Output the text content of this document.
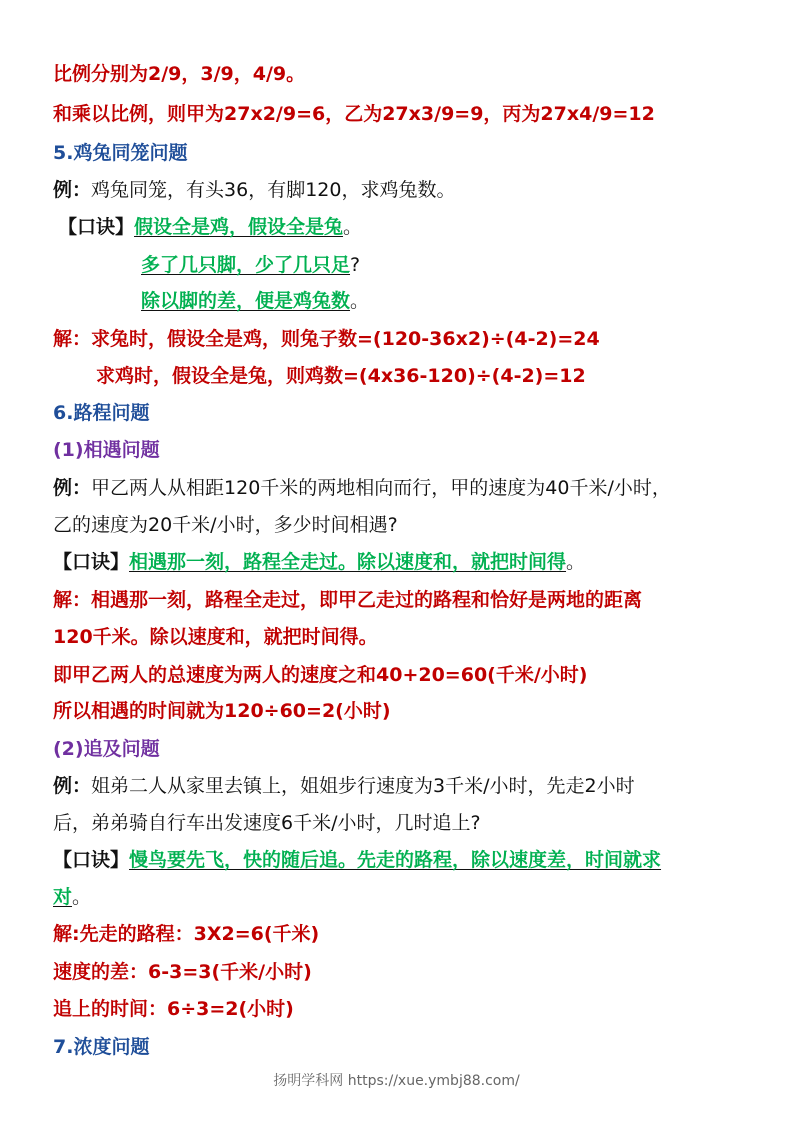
比例分别为2/9，3/9，4/9。
和乘以比例，则甲为27x2/9=6，乙为27x3/9=9，丙为27x4/9=12
5.鸡兔同笼问题
例：鸡兔同笼，有头36，有脚120，求鸡兔数。
【口诀】假设全是鸡，假设全是兔。
多了几只脚，少了几只足?
除以脚的差，便是鸡兔数。
解：求兔时，假设全是鸡，则兔子数=(120-36x2)÷(4-2)=24
求鸡时，假设全是兔，则鸡数=(4x36-120)÷(4-2)=12
6.路程问题
(1)相遇问题
例：甲乙两人从相距120千米的两地相向而行，甲的速度为40千米/小时，
乙的速度为20千米/小时，多少时间相遇?
【口诀】相遇那一刻，路程全走过。除以速度和，就把时间得。
解：相遇那一刻，路程全走过，即甲乙走过的路程和恰好是两地的距离
120千米。除以速度和，就把时间得。
即甲乙两人的总速度为两人的速度之和40+20=60(千米/小时)
所以相遇的时间就为120÷60=2(小时)
(2)追及问题
例：姐弟二人从家里去镇上，姐姐步行速度为3千米/小时，先走2小时
后，弟弟骑自行车出发速度6千米/小时，几时追上?
【口诀】慢鸟要先飞，快的随后追。先走的路程，除以速度差，时间就求
对。
解:先走的路程：3X2=6(千米)
速度的差：6-3=3(千米/小时)
追上的时间：6÷3=2(小时)
7.浓度问题
扬明学科网 https://xue.ymbj88.com/
